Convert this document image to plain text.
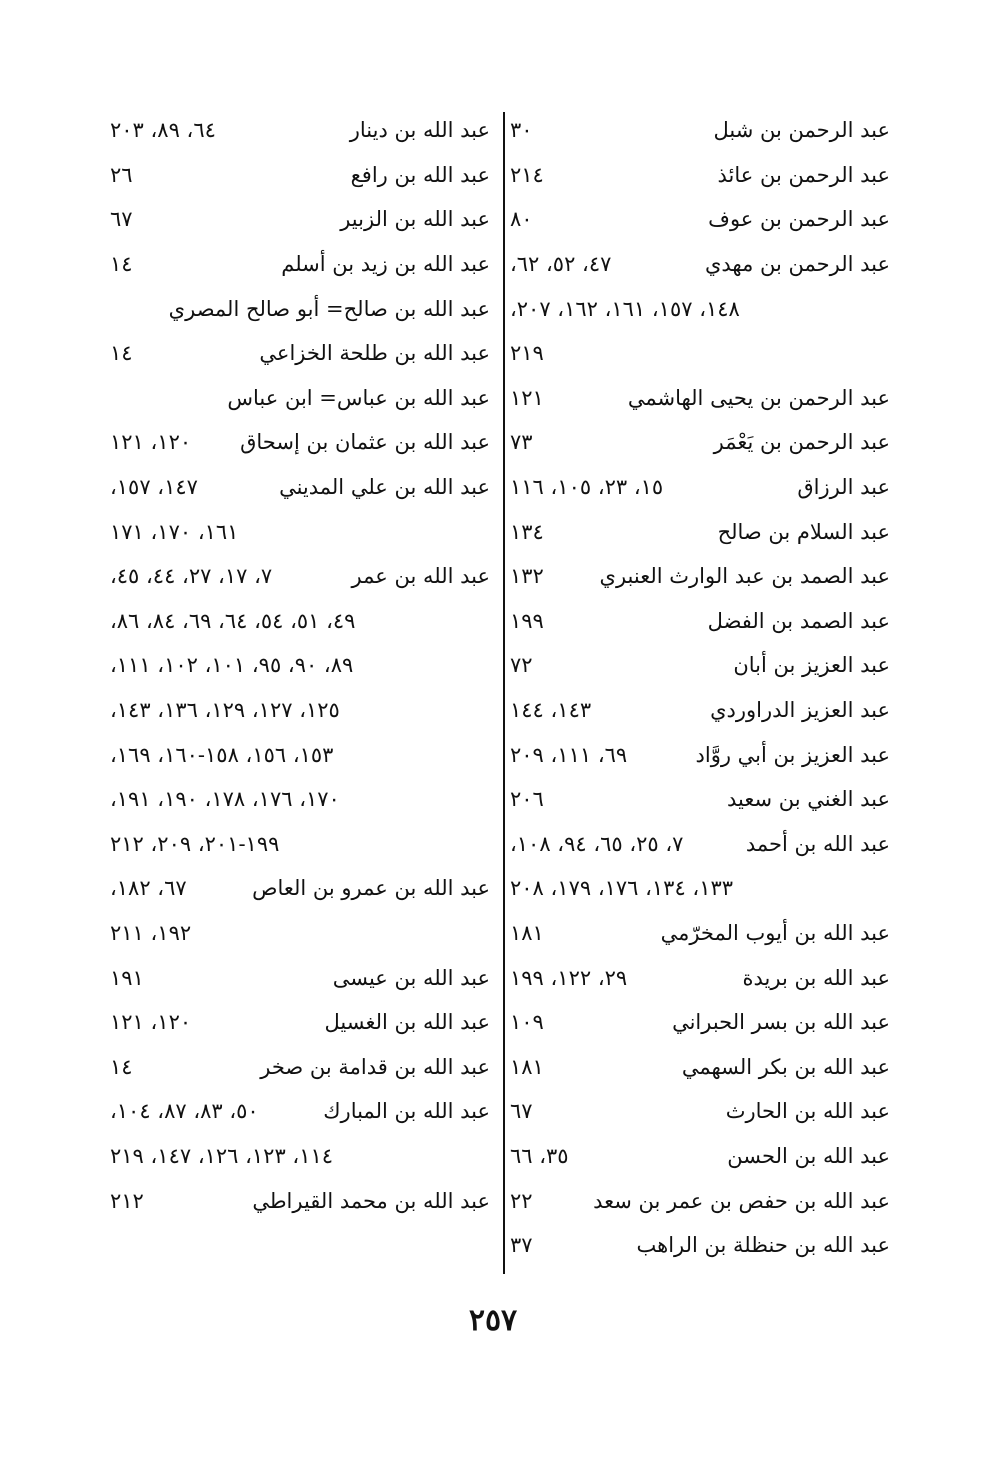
عبد الرحمن بن شبل
٣٠
عبد الرحمن بن عائذ
٢١٤
عبد الرحمن بن عوف
٨٠
عبد الرحمن بن مهدي
٤٧، ٥٢، ٦٢،
١٤٨، ١٥٧، ١٦١، ١٦٢، ٢٠٧،
٢١٩
عبد الرحمن بن يحيى الهاشمي
١٢١
عبد الرحمن بن يَعْمَر
٧٣
عبد الرزاق
١٥، ٢٣، ١٠٥، ١١٦
عبد السلام بن صالح
١٣٤
عبد الصمد بن عبد الوارث العنبري
١٣٢
عبد الصمد بن الفضل
١٩٩
عبد العزيز بن أبان
٧٢
عبد العزيز الدراوردي
١٤٣، ١٤٤
عبد العزيز بن أبي روَّاد
٦٩، ١١١، ٢٠٩
عبد الغني بن سعيد
٢٠٦
عبد الله بن أحمد
٧، ٢٥، ٦٥، ٩٤، ١٠٨،
١٣٣، ١٣٤، ١٧٦، ١٧٩، ٢٠٨
عبد الله بن أيوب المخرّمي
١٨١
عبد الله بن بريدة
٢٩، ١٢٢، ١٩٩
عبد الله بن بسر الحبراني
١٠٩
عبد الله بن بكر السهمي
١٨١
عبد الله بن الحارث
٦٧
عبد الله بن الحسن
٣٥، ٦٦
عبد الله بن حفص بن عمر بن سعد
٢٢
عبد الله بن حنظلة بن الراهب
٣٧
عبد الله بن دينار
٦٤، ٨٩، ٢٠٣
عبد الله بن رافع
٢٦
عبد الله بن الزبير
٦٧
عبد الله بن زيد بن أسلم
١٤
عبد الله بن صالح= أبو صالح المصري
عبد الله بن طلحة الخزاعي
١٤
عبد الله بن عباس= ابن عباس
عبد الله بن عثمان بن إسحاق
١٢٠، ١٢١
عبد الله بن علي المديني
١٤٧، ١٥٧،
١٦١، ١٧٠، ١٧١
عبد الله بن عمر
٧، ١٧، ٢٧، ٤٤، ٤٥،
٤٩، ٥١، ٥٤، ٦٤، ٦٩، ٨٤، ٨٦،
٨٩، ٩٠، ٩٥، ١٠١، ١٠٢، ١١١،
١٢٥، ١٢٧، ١٢٩، ١٣٦، ١٤٣،
١٥٣، ١٥٦، ١٥٨-١٦٠، ١٦٩،
١٧٠، ١٧٦، ١٧٨، ١٩٠، ١٩١،
١٩٩-٢٠١، ٢٠٩، ٢١٢
عبد الله بن عمرو بن العاص
٦٧، ١٨٢،
١٩٢، ٢١١
عبد الله بن عيسى
١٩١
عبد الله بن الغسيل
١٢٠، ١٢١
عبد الله بن قدامة بن صخر
١٤
عبد الله بن المبارك
٥٠، ٨٣، ٨٧، ١٠٤،
١١٤، ١٢٣، ١٢٦، ١٤٧، ٢١٩
عبد الله بن محمد القيراطي
٢١٢
٢٥٧
